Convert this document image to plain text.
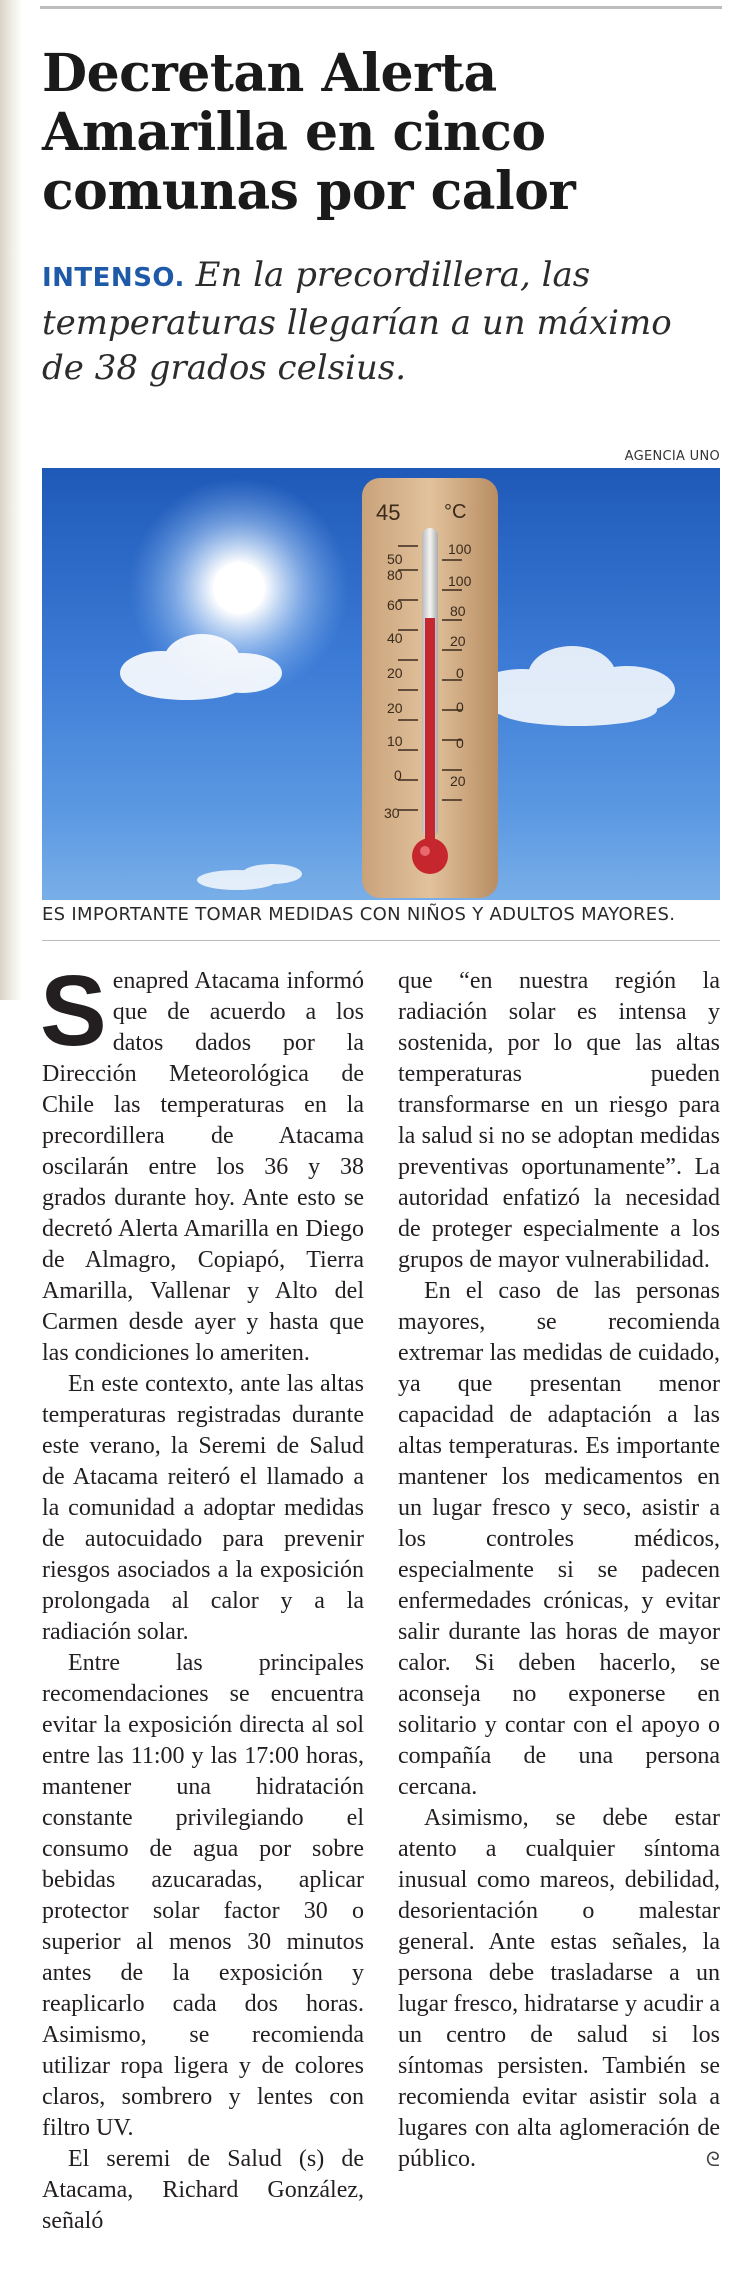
Decretan Alerta Amarilla en cinco comunas por calor
INTENSO. En la precordillera, las temperaturas llegarían a un máximo de 38 grados celsius.
AGENCIA UNO
45 °C
50
80
60
40
20
20
10
0
30
100
100
80
20
0
0
0
20
ES IMPORTANTE TOMAR MEDIDAS CON NIÑOS Y ADULTOS MAYORES.

Senapred Atacama informó que de acuerdo a los datos dados por la Dirección Meteorológica de Chile las temperaturas en la precordillera de Atacama oscilarán entre los 36 y 38 grados durante hoy. Ante esto se decretó Alerta Amarilla en Diego de Almagro, Copiapó, Tierra Amarilla, Vallenar y Alto del Carmen desde ayer y hasta que las condiciones lo ameriten.

En este contexto, ante las altas temperaturas registradas durante este verano, la Seremi de Salud de Atacama reiteró el llamado a la comunidad a adoptar medidas de autocuidado para prevenir riesgos asociados a la exposición prolongada al calor y a la radiación solar.

Entre las principales recomendaciones se encuentra evitar la exposición directa al sol entre las 11:00 y las 17:00 horas, mantener una hidratación constante privilegiando el consumo de agua por sobre bebidas azucaradas, aplicar protector solar factor 30 o superior al menos 30 minutos antes de la exposición y reaplicarlo cada dos horas. Asimismo, se recomienda utilizar ropa ligera y de colores claros, sombrero y lentes con filtro UV.

El seremi de Salud (s) de Atacama, Richard González, señaló

que “en nuestra región la radiación solar es intensa y sostenida, por lo que las altas temperaturas pueden transformarse en un riesgo para la salud si no se adoptan medidas preventivas oportunamente”. La autoridad enfatizó la necesidad de proteger especialmente a los grupos de mayor vulnerabilidad.

En el caso de las personas mayores, se recomienda extremar las medidas de cuidado, ya que presentan menor capacidad de adaptación a las altas temperaturas. Es importante mantener los medicamentos en un lugar fresco y seco, asistir a los controles médicos, especialmente si se padecen enfermedades crónicas, y evitar salir durante las horas de mayor calor. Si deben hacerlo, se aconseja no exponerse en solitario y contar con el apoyo o compañía de una persona cercana.

Asimismo, se debe estar atento a cualquier síntoma inusual como mareos, debilidad, desorientación o malestar general. Ante estas señales, la persona debe trasladarse a un lugar fresco, hidratarse y acudir a un centro de salud si los síntomas persisten. También se recomienda evitar asistir sola a lugares con alta aglomeración de público.	ᘓ
